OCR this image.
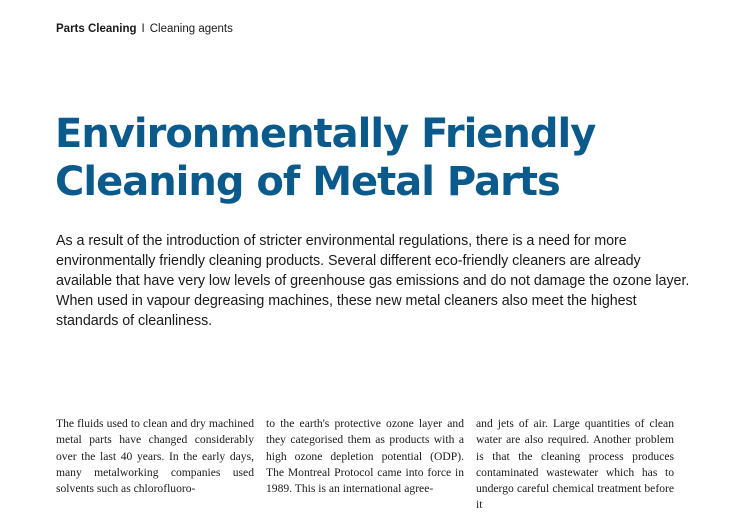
Parts Cleaning I Cleaning agents
Environmentally Friendly
Cleaning of Metal Parts

As a result of the introduction of stricter environmental regulations, there is a need for more environmentally friendly cleaning products. Several different eco-friendly cleaners are already available that have very low levels of greenhouse gas emissions and do not damage the ozone layer. When used in vapour degreasing machines, these new metal cleaners also meet the highest standards of cleanliness.

The fluids used to clean and dry machined metal parts have changed considerably over the last 40 years. In the early days, many metalworking companies used solvents such as chlorofluoro-

to the earth's protective ozone layer and they categorised them as products with a high ozone depletion potential (ODP). The Montreal Protocol came into force in 1989. This is an international agree-

and jets of air. Large quantities of clean water are also required. Another problem is that the cleaning process produces contaminated wastewater which has to undergo careful chemical treatment before it
